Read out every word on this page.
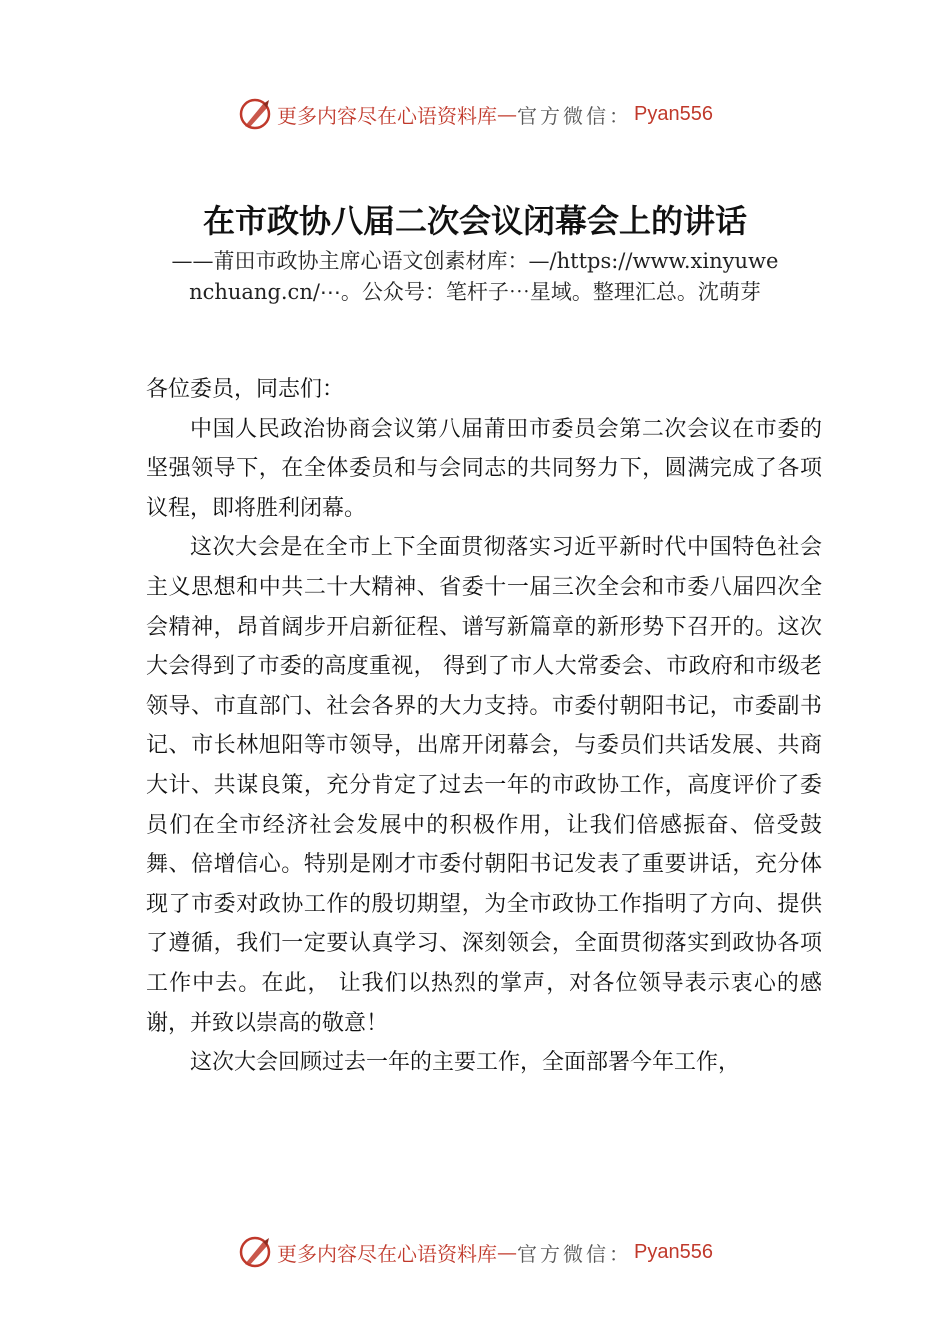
更多内容尽在心语资料库 — 官方微信： Pyan556
在市政协八届二次会议闭幕会上的讲话
——莆田市政协主席心语文创素材库：—/https://www.xinyuwenchuang.cn/⋯。公众号：笔杆子⋯星域。整理汇总。沈萌芽

各位委员，同志们：

中国人民政治协商会议第八届莆田市委员会第二次会议在市委的坚强领导下，在全体委员和与会同志的共同努力下，圆满完成了各项议程，即将胜利闭幕。

这次大会是在全市上下全面贯彻落实习近平新时代中国特色社会主义思想和中共二十大精神、省委十一届三次全会和市委八届四次全会精神，昂首阔步开启新征程、谱写新篇章的新形势下召开的。这次大会得到了市委的高度重视， 得到了市人大常委会、市政府和市级老领导、市直部门、社会各界的大力支持。市委付朝阳书记，市委副书记、市长林旭阳等市领导，出席开闭幕会，与委员们共话发展、共商大计、共谋良策，充分肯定了过去一年的市政协工作，高度评价了委员们在全市经济社会发展中的积极作用，让我们倍感振奋、倍受鼓舞、倍增信心。特别是刚才市委付朝阳书记发表了重要讲话，充分体现了市委对政协工作的殷切期望，为全市政协工作指明了方向、提供了遵循，我们一定要认真学习、深刻领会，全面贯彻落实到政协各项工作中去。在此， 让我们以热烈的掌声，对各位领导表示衷心的感谢，并致以崇高的敬意！

这次大会回顾过去一年的主要工作，全面部署今年工作，

更多内容尽在心语资料库 — 官方微信： Pyan556
